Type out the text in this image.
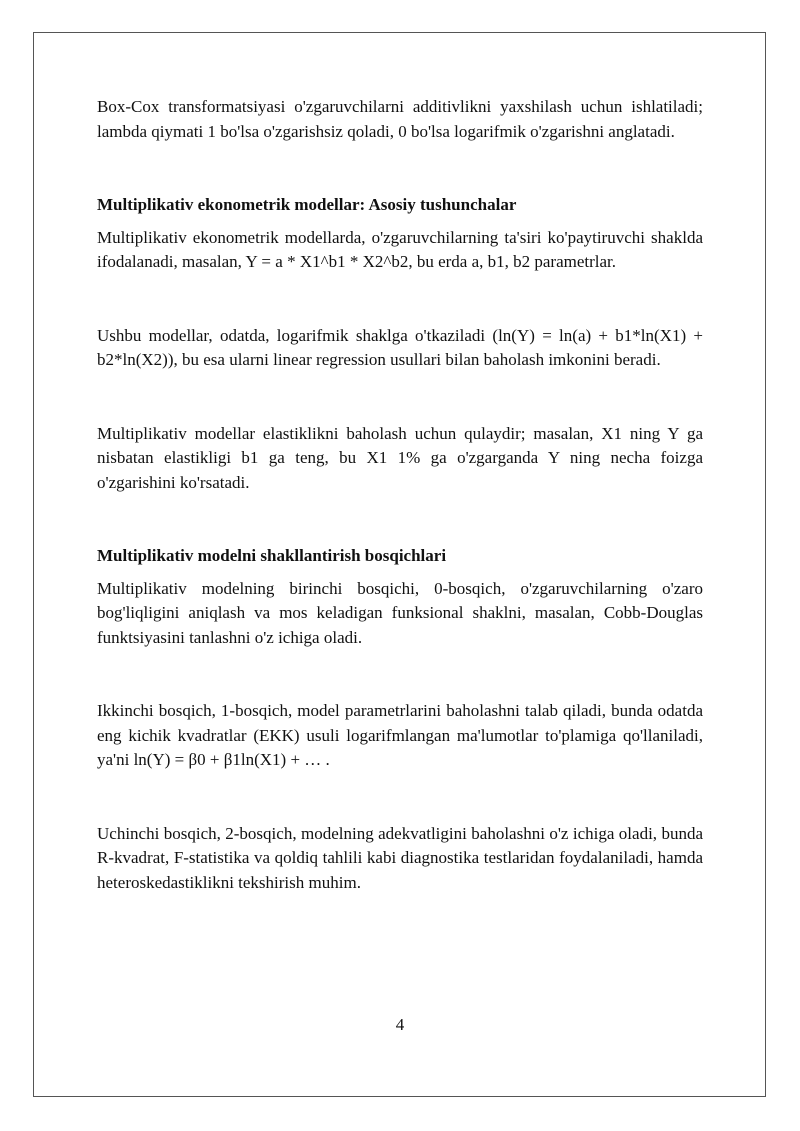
Box-Cox transformatsiyasi o'zgaruvchilarni additivlikni yaxshilash uchun ishlatiladi; lambda qiymati 1 bo'lsa o'zgarishsiz qoladi, 0 bo'lsa logarifmik o'zgarishni anglatadi.

Multiplikativ ekonometrik modellar: Asosiy tushunchalar

Multiplikativ ekonometrik modellarda, o'zgaruvchilarning ta'siri ko'paytiruvchi shaklda ifodalanadi, masalan, Y = a * X1^b1 * X2^b2, bu erda a, b1, b2 parametrlar.

Ushbu modellar, odatda, logarifmik shaklga o'tkaziladi (ln(Y) = ln(a) + b1*ln(X1) + b2*ln(X2)), bu esa ularni linear regression usullari bilan baholash imkonini beradi.

Multiplikativ modellar elastiklikni baholash uchun qulaydir; masalan, X1 ning Y ga nisbatan elastikligi b1 ga teng, bu X1 1% ga o'zgarganda Y ning necha foizga o'zgarishini ko'rsatadi.

Multiplikativ modelni shakllantirish bosqichlari

Multiplikativ modelning birinchi bosqichi, 0-bosqich, o'zgaruvchilarning o'zaro bog'liqligini aniqlash va mos keladigan funksional shaklni, masalan, Cobb-Douglas funktsiyasini tanlashni o'z ichiga oladi.

Ikkinchi bosqich, 1-bosqich, model parametrlarini baholashni talab qiladi, bunda odatda eng kichik kvadratlar (EKK) usuli logarifmlangan ma'lumotlar to'plamiga qo'llaniladi, ya'ni ln(Y) = β0 + β1ln(X1) + … .

Uchinchi bosqich, 2-bosqich, modelning adekvatligini baholashni o'z ichiga oladi, bunda R-kvadrat, F-statistika va qoldiq tahlili kabi diagnostika testlaridan foydalaniladi, hamda heteroskedastiklikni tekshirish muhim.

4
